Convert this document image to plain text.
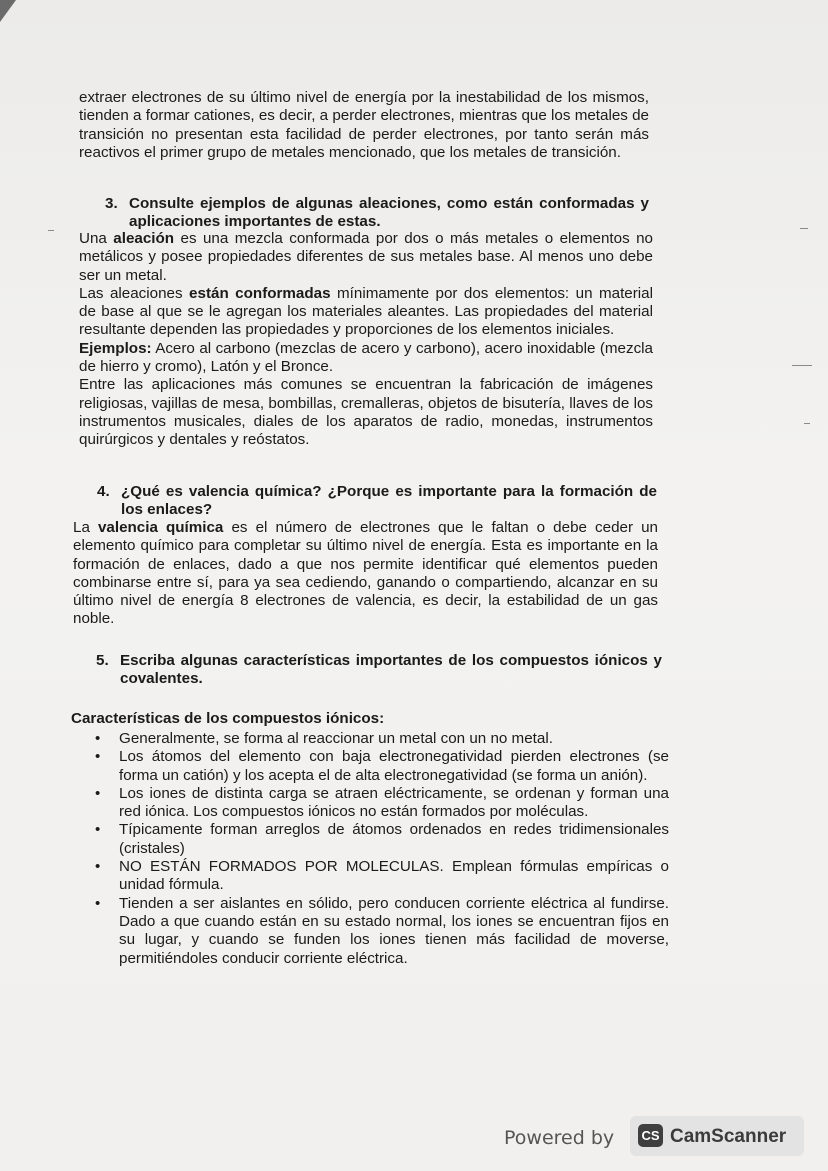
extraer electrones de su último nivel de energía por la inestabilidad de los mismos, tienden a formar cationes, es decir, a perder electrones, mientras que los metales de transición no presentan esta facilidad de perder electrones, por tanto serán más reactivos el primer grupo de metales mencionado, que los metales de transición.

3. Consulte ejemplos de algunas aleaciones, como están conformadas y aplicaciones importantes de estas.

Una aleación es una mezcla conformada por dos o más metales o elementos no metálicos y posee propiedades diferentes de sus metales base. Al menos uno debe ser un metal.

Las aleaciones están conformadas mínimamente por dos elementos: un material de base al que se le agregan los materiales aleantes. Las propiedades del material resultante dependen las propiedades y proporciones de los elementos iniciales.

Ejemplos: Acero al carbono (mezclas de acero y carbono), acero inoxidable (mezcla de hierro y cromo), Latón y el Bronce.

Entre las aplicaciones más comunes se encuentran la fabricación de imágenes religiosas, vajillas de mesa, bombillas, cremalleras, objetos de bisutería, llaves de los instrumentos musicales, diales de los aparatos de radio, monedas, instrumentos quirúrgicos y dentales y reóstatos.

4. ¿Qué es valencia química? ¿Porque es importante para la formación de los enlaces?

La valencia química es el número de electrones que le faltan o debe ceder un elemento químico para completar su último nivel de energía. Esta es importante en la formación de enlaces, dado a que nos permite identificar qué elementos pueden combinarse entre sí, para ya sea cediendo, ganando o compartiendo, alcanzar en su último nivel de energía 8 electrones de valencia, es decir, la estabilidad de un gas noble.

5. Escriba algunas características importantes de los compuestos iónicos y covalentes.
Características de los compuestos iónicos:
• Generalmente, se forma al reaccionar un metal con un no metal.
• Los átomos del elemento con baja electronegatividad pierden electrones (se forma un catión) y los acepta el de alta electronegatividad (se forma un anión).
• Los iones de distinta carga se atraen eléctricamente, se ordenan y forman una red iónica. Los compuestos iónicos no están formados por moléculas.
• Típicamente forman arreglos de átomos ordenados en redes tridimensionales (cristales)
• NO ESTÁN FORMADOS POR MOLECULAS. Emplean fórmulas empíricas o unidad fórmula.
• Tienden a ser aislantes en sólido, pero conducen corriente eléctrica al fundirse. Dado a que cuando están en su estado normal, los iones se encuentran fijos en su lugar, y cuando se funden los iones tienen más facilidad de moverse, permitiéndoles conducir corriente eléctrica.
Powered by CS CamScanner
